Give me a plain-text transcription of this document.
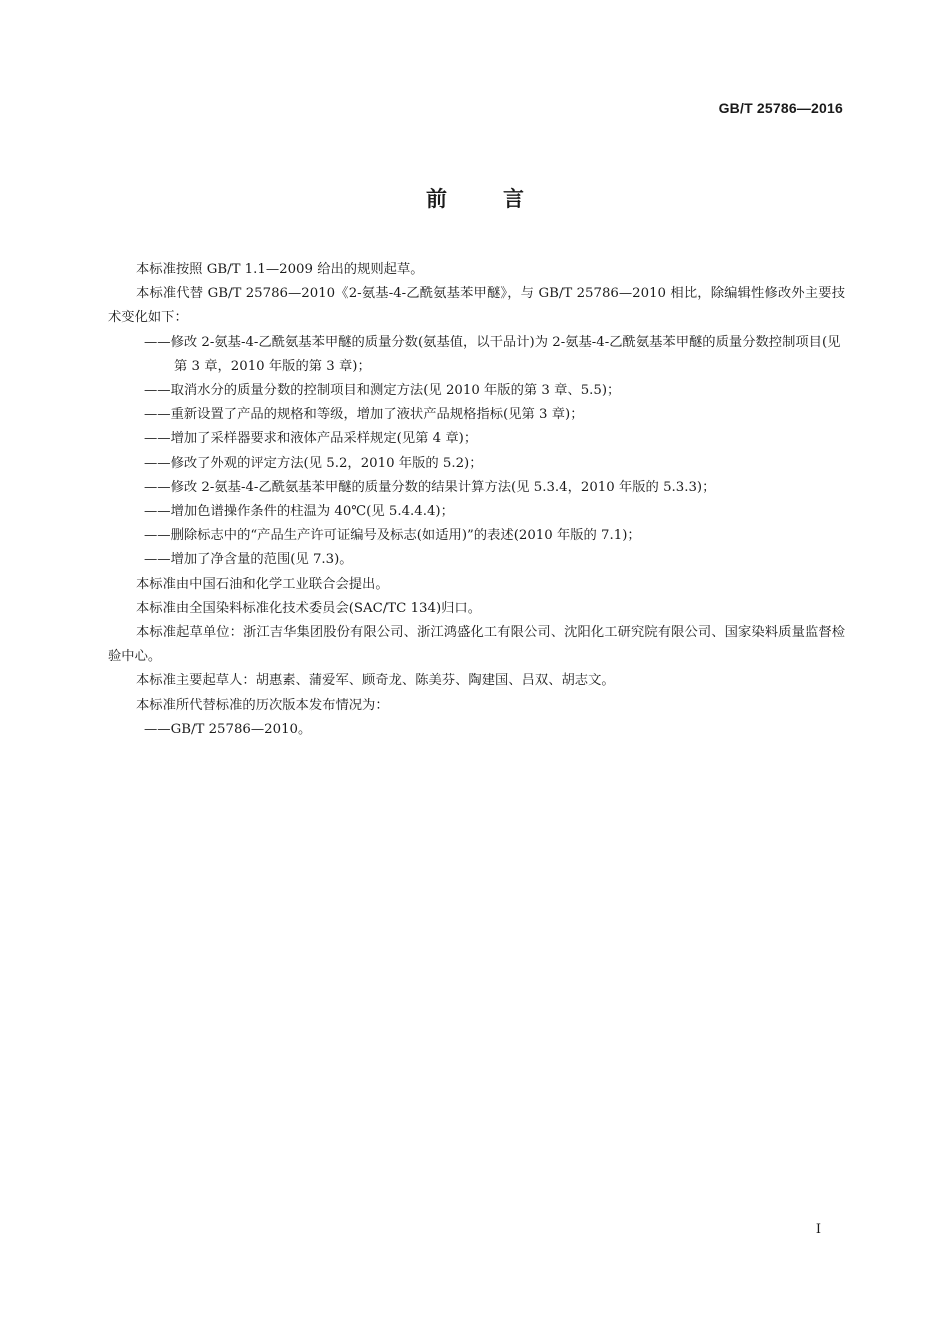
GB/T 25786—2016
前言

本标准按照 GB/T 1.1—2009 给出的规则起草。

本标准代替 GB/T 25786—2010《2-氨基-4-乙酰氨基苯甲醚》，与 GB/T 25786—2010 相比，除编辑性修改外主要技术变化如下：

——修改 2-氨基-4-乙酰氨基苯甲醚的质量分数(氨基值，以干品计)为 2-氨基-4-乙酰氨基苯甲醚的质量分数控制项目(见第 3 章，2010 年版的第 3 章)；

——取消水分的质量分数的控制项目和测定方法(见 2010 年版的第 3 章、5.5)；

——重新设置了产品的规格和等级，增加了液状产品规格指标(见第 3 章)；

——增加了采样器要求和液体产品采样规定(见第 4 章)；

——修改了外观的评定方法(见 5.2，2010 年版的 5.2)；

——修改 2-氨基-4-乙酰氨基苯甲醚的质量分数的结果计算方法(见 5.3.4，2010 年版的 5.3.3)；

——增加色谱操作条件的柱温为 40℃(见 5.4.4.4)；

——删除标志中的“产品生产许可证编号及标志(如适用)”的表述(2010 年版的 7.1)；

——增加了净含量的范围(见 7.3)。

本标准由中国石油和化学工业联合会提出。

本标准由全国染料标准化技术委员会(SAC/TC 134)归口。

本标准起草单位：浙江吉华集团股份有限公司、浙江鸿盛化工有限公司、沈阳化工研究院有限公司、国家染料质量监督检验中心。

本标准主要起草人：胡惠素、蒲爱军、顾奇龙、陈美芬、陶建国、吕双、胡志文。

本标准所代替标准的历次版本发布情况为：

——GB/T 25786—2010。

I
